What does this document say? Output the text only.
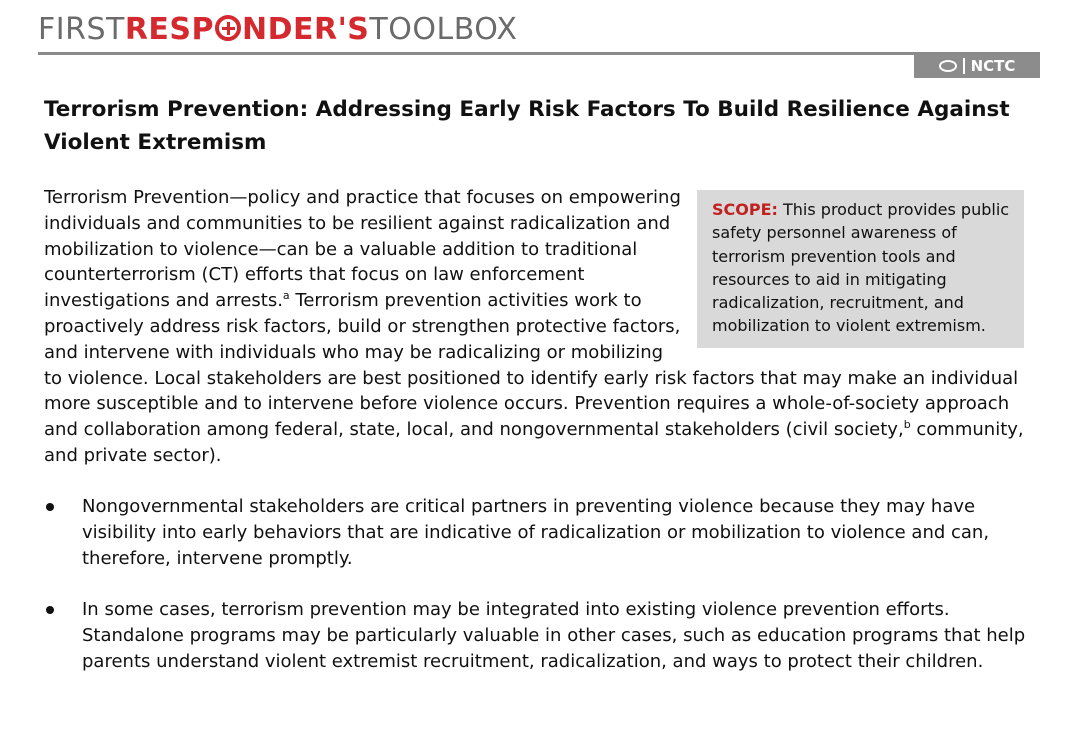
FIRSTRESP NDER'STOOLBOX
NCTC
Terrorism Prevention: Addressing Early Risk Factors To Build Resilience Against Violent Extremism
SCOPE: This product provides public safety personnel awareness of terrorism prevention tools and resources to aid in mitigating radicalization, recruitment, and mobilization to violent extremism.

Terrorism Prevention—policy and practice that focuses on empowering individuals and communities to be resilient against radicalization and mobilization to violence—can be a valuable addition to traditional counterterrorism (CT) efforts that focus on law enforcement investigations and arrests.$^a$ Terrorism prevention activities work to proactively address risk factors, build or strengthen protective factors, and intervene with individuals who may be radicalizing or mobilizing to violence. Local stakeholders are best positioned to identify early risk factors that may make an individual more susceptible and to intervene before violence occurs. Prevention requires a whole-of-society approach and collaboration among federal, state, local, and nongovernmental stakeholders (civil society,$^b$ community, and private sector).

Nongovernmental stakeholders are critical partners in preventing violence because they may have visibility into early behaviors that are indicative of radicalization or mobilization to violence and can, therefore, intervene promptly.
In some cases, terrorism prevention may be integrated into existing violence prevention efforts. Standalone programs may be particularly valuable in other cases, such as education programs that help parents understand violent extremist recruitment, radicalization, and ways to protect their children.
